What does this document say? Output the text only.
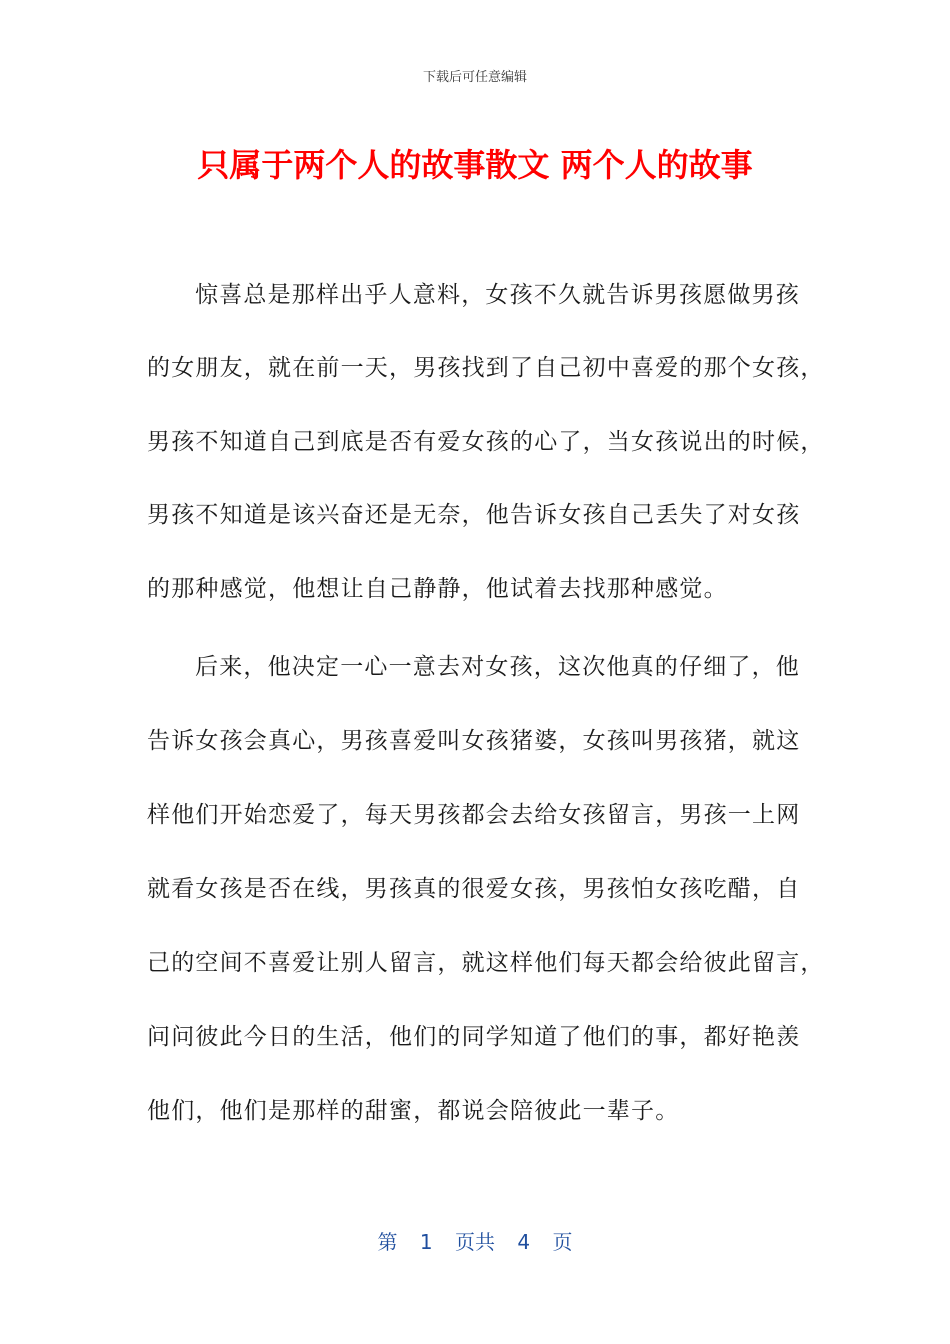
下载后可任意编辑
只属于两个人的故事散文 两个人的故事
惊喜总是那样出乎人意料，女孩不久就告诉男孩愿做男孩
的女朋友，就在前一天，男孩找到了自己初中喜爱的那个女孩，
男孩不知道自己到底是否有爱女孩的心了，当女孩说出的时候，
男孩不知道是该兴奋还是无奈，他告诉女孩自己丢失了对女孩
的那种感觉，他想让自己静静，他试着去找那种感觉。
后来，他决定一心一意去对女孩，这次他真的仔细了，他
告诉女孩会真心，男孩喜爱叫女孩猪婆，女孩叫男孩猪，就这
样他们开始恋爱了，每天男孩都会去给女孩留言，男孩一上网
就看女孩是否在线，男孩真的很爱女孩，男孩怕女孩吃醋，自
己的空间不喜爱让别人留言，就这样他们每天都会给彼此留言，
问问彼此今日的生活，他们的同学知道了他们的事，都好艳羡
他们，他们是那样的甜蜜，都说会陪彼此一辈子。
第 1 页共 4 页
